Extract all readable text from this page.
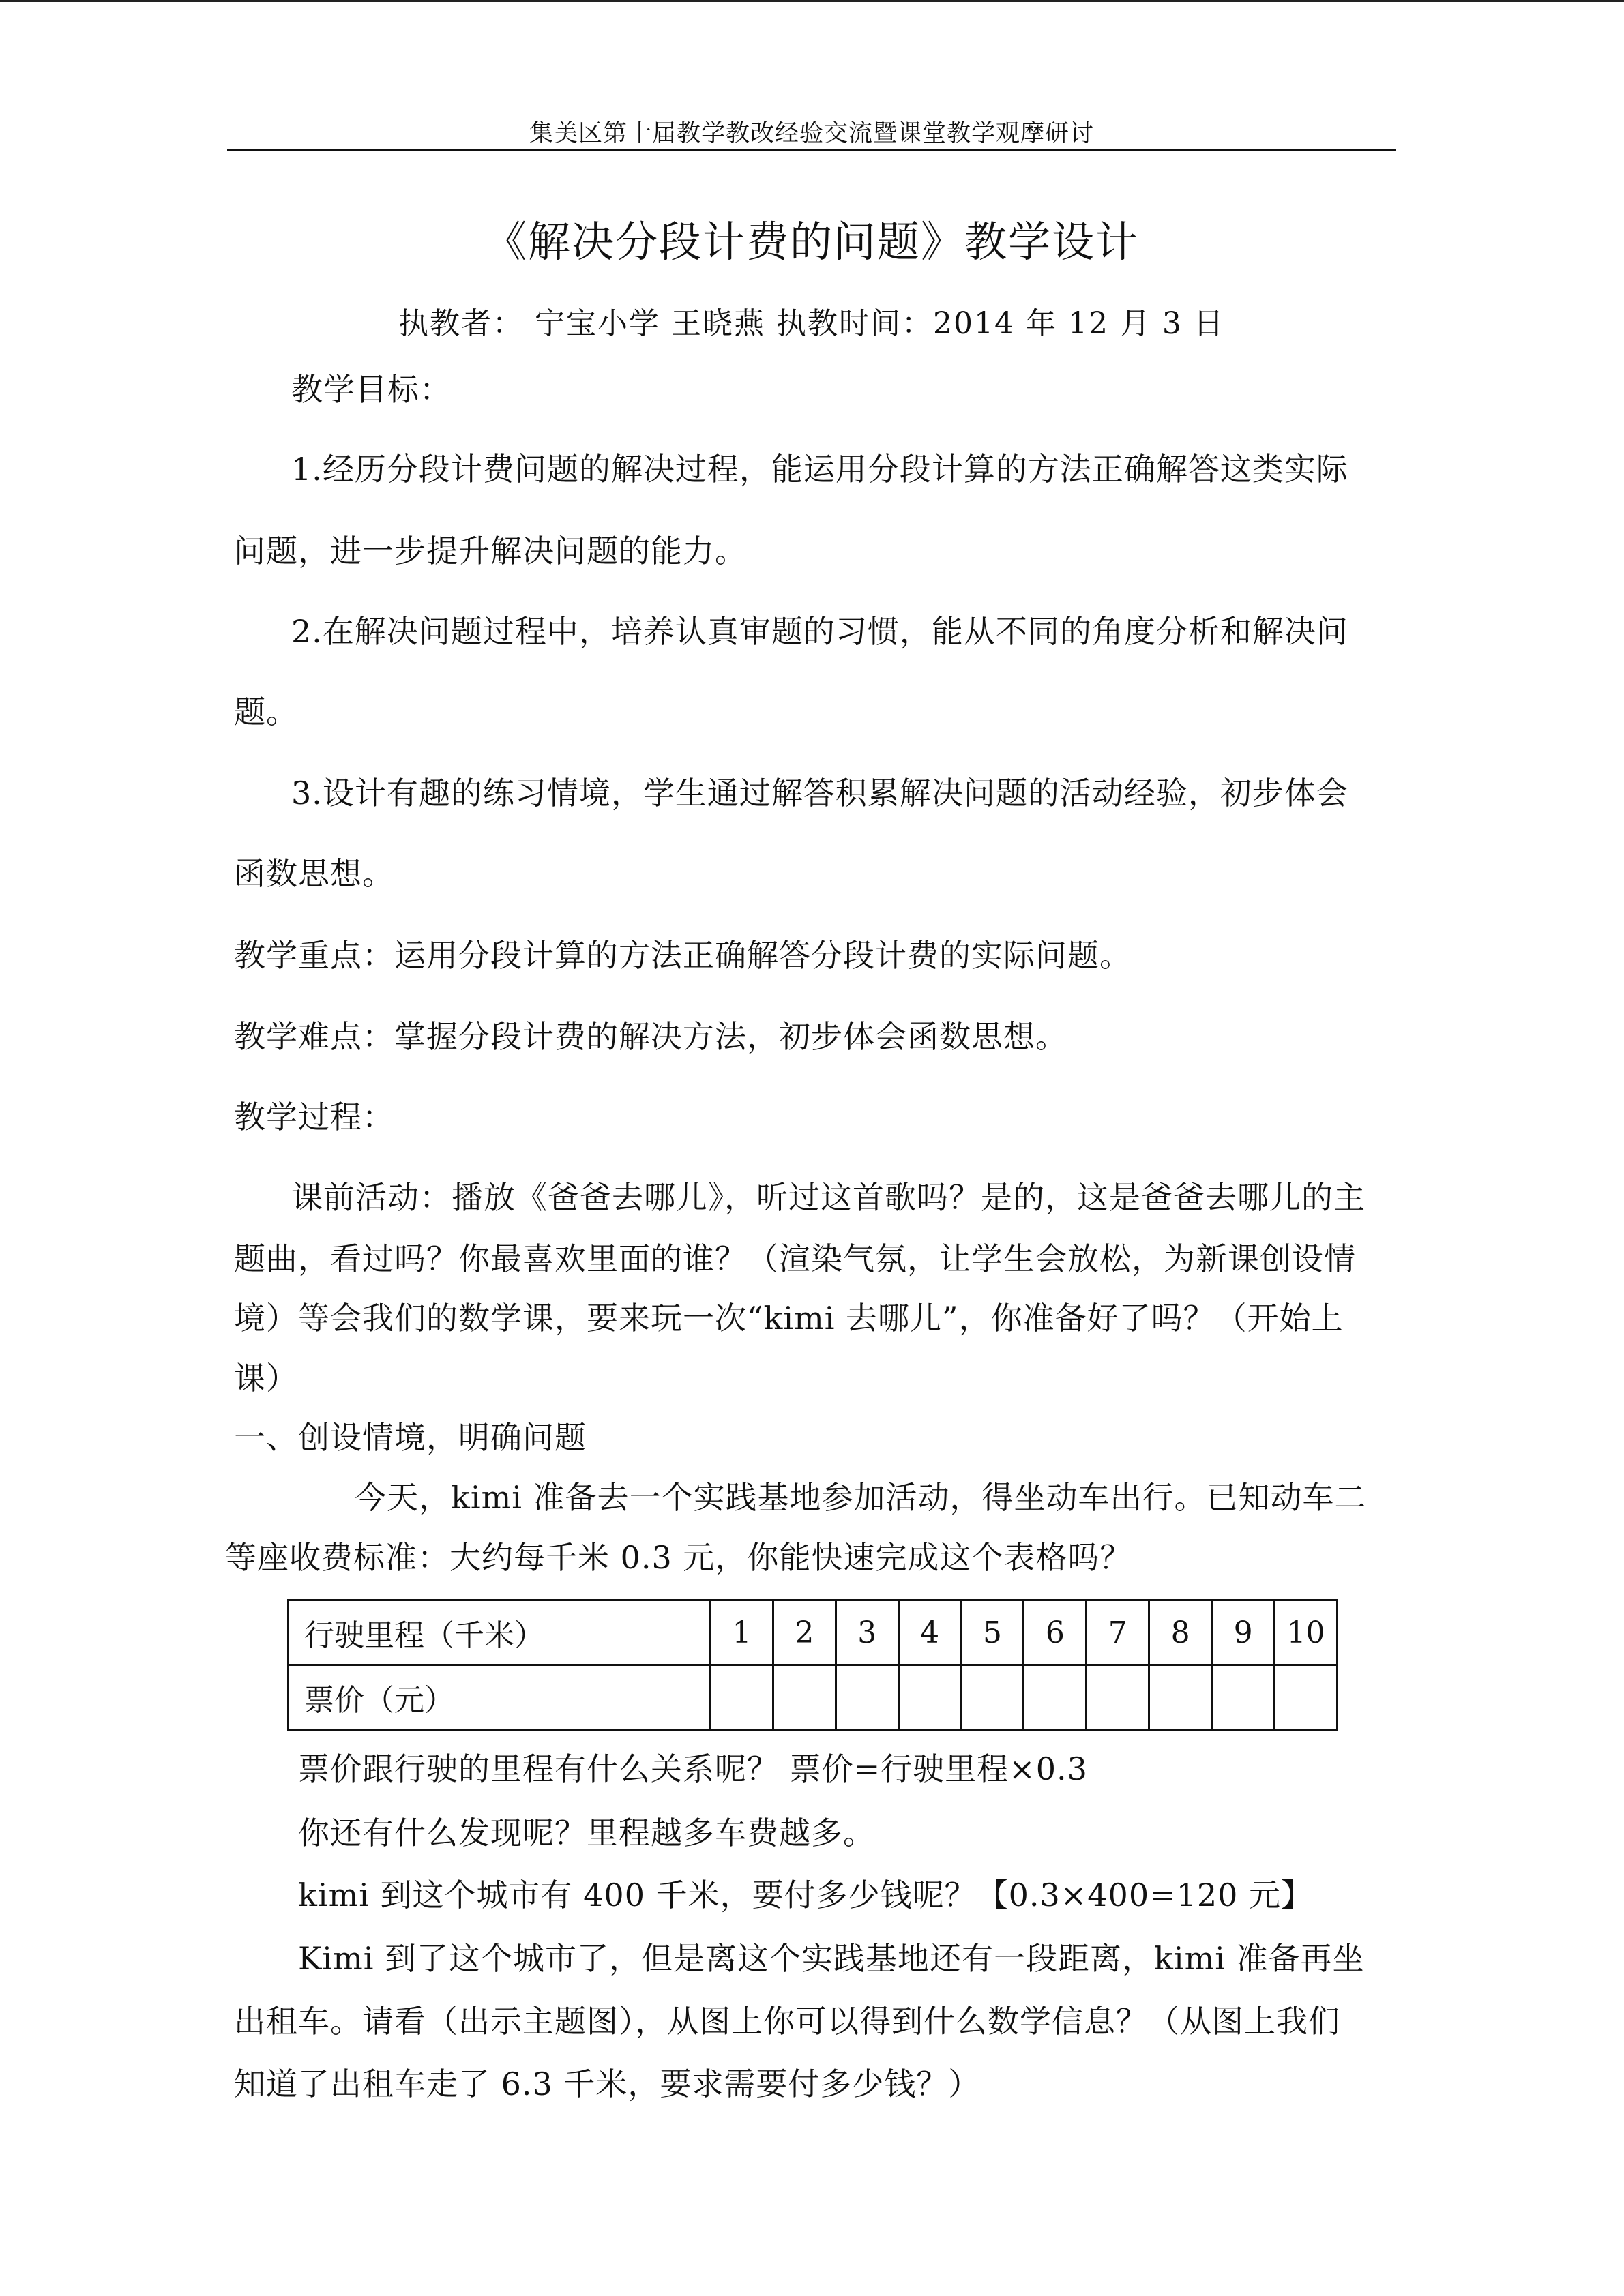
集美区第十届教学教改经验交流暨课堂教学观摩研讨
《解决分段计费的问题》教学设计
执教者： 宁宝小学 王晓燕 执教时间：2014 年 12 月 3 日
教学目标：
1.经历分段计费问题的解决过程，能运用分段计算的方法正确解答这类实际
问题，进一步提升解决问题的能力。
2.在解决问题过程中，培养认真审题的习惯，能从不同的角度分析和解决问
题。
3.设计有趣的练习情境，学生通过解答积累解决问题的活动经验，初步体会
函数思想。
教学重点：运用分段计算的方法正确解答分段计费的实际问题。
教学难点：掌握分段计费的解决方法，初步体会函数思想。
教学过程：
课前活动：播放《爸爸去哪儿》，听过这首歌吗？是的，这是爸爸去哪儿的主
题曲，看过吗？你最喜欢里面的谁？（渲染气氛，让学生会放松，为新课创设情
境）等会我们的数学课，要来玩一次“kimi 去哪儿”，你准备好了吗？（开始上
课）
一、创设情境，明确问题
今天，kimi 准备去一个实践基地参加活动，得坐动车出行。已知动车二
等座收费标准：大约每千米 0.3 元，你能快速完成这个表格吗？
行驶里程（千米）	1	2	3	4	5	6	7	8	9	10
票价（元）										
票价跟行驶的里程有什么关系呢？ 票价=行驶里程×0.3
你还有什么发现呢？里程越多车费越多。
kimi 到这个城市有 400 千米，要付多少钱呢？【0.3×400=120 元】
Kimi 到了这个城市了，但是离这个实践基地还有一段距离，kimi 准备再坐
出租车。请看（出示主题图），从图上你可以得到什么数学信息？（从图上我们
知道了出租车走了 6.3 千米，要求需要付多少钱？）
